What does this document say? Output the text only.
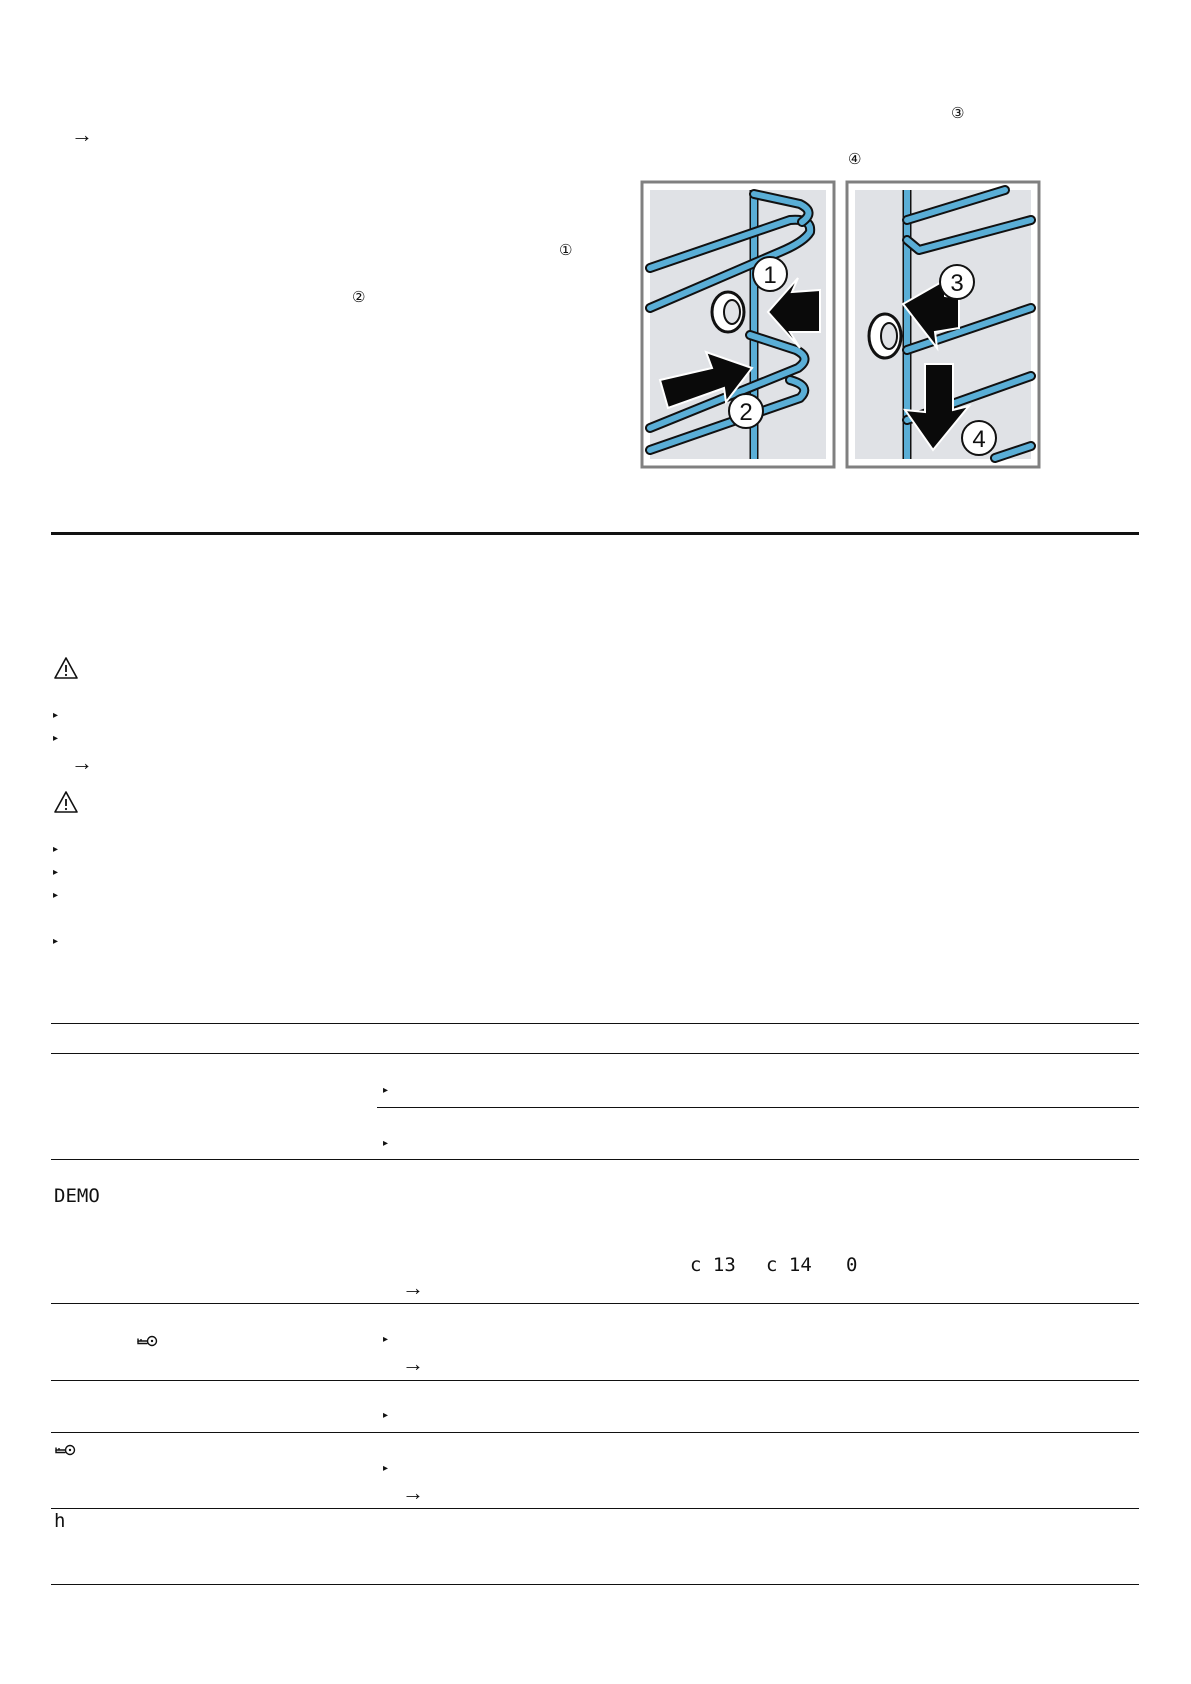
→
③
④
①
②
1
2
3
4
▸
▸
→
▸
▸
▸
▸
▸
▸
DEMO
c 13 c 14 0
→
▸
→
▸
▸
→
h
